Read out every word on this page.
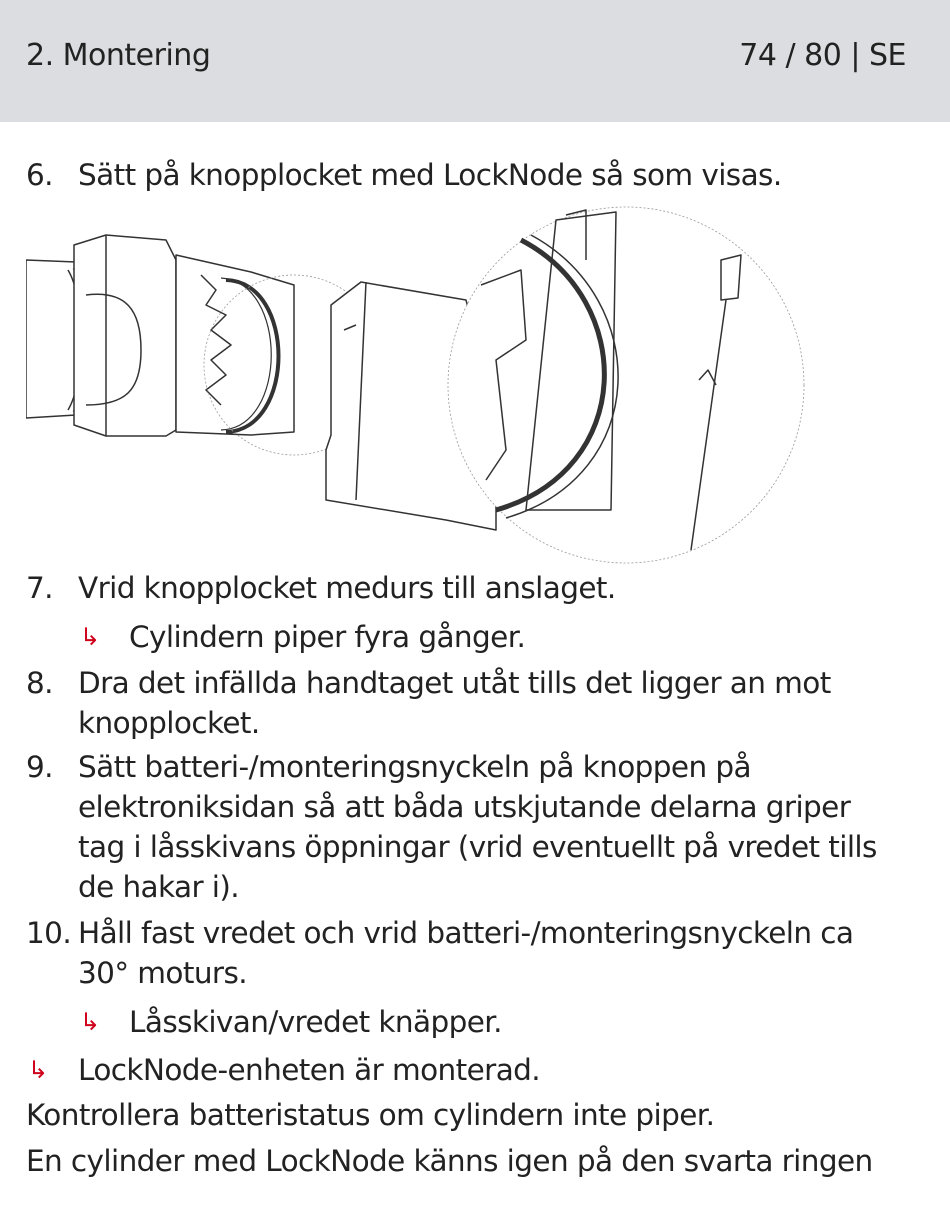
2. Montering	74 / 80 | SE
6. Sätt på knopplocket med LockNode så som visas.
7. Vrid knopplocket medurs till anslaget.
↳ Cylindern piper fyra gånger.
8. Dra det infällda handtaget utåt tills det ligger an mot
knopplocket.
9. Sätt batteri-/monteringsnyckeln på knoppen på
elektroniksidan så att båda utskjutande delarna griper
tag i låsskivans öppningar (vrid eventuellt på vredet tills
de hakar i).
10. Håll fast vredet och vrid batteri-/monteringsnyckeln ca
30° moturs.
↳ Låsskivan/vredet knäpper.
↳ LockNode-enheten är monterad.
Kontrollera batteristatus om cylindern inte piper.
En cylinder med LockNode känns igen på den svarta ringen
